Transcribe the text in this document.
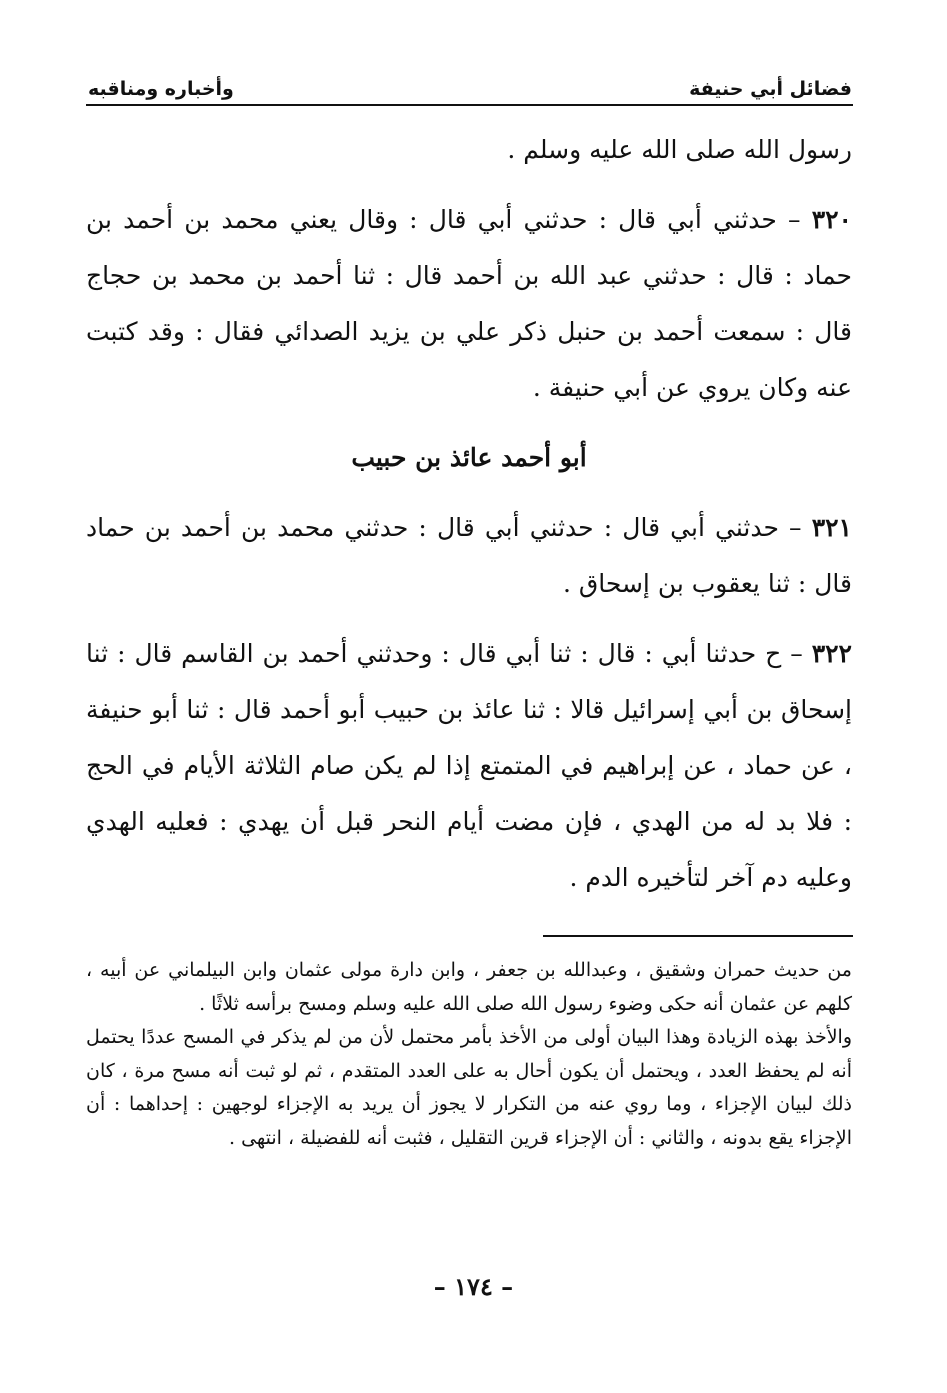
فضائل أبي حنيفة
وأخباره ومناقبه

رسول الله صلى الله عليه وسلم .

٣٢٠ – حدثني أبي قال : حدثني أبي قال : وقال يعني محمد بن أحمد بن حماد : قال : حدثني عبد الله بن أحمد قال : ثنا أحمد بن محمد بن حجاج قال : سمعت أحمد بن حنبل ذكر علي بن يزيد الصدائي فقال : وقد كتبت عنه وكان يروي عن أبي حنيفة .

أبو أحمد عائذ بن حبيب

٣٢١ – حدثني أبي قال : حدثني أبي قال : حدثني محمد بن أحمد بن حماد قال : ثنا يعقوب بن إسحاق .

٣٢٢ – ح حدثنا أبي : قال : ثنا أبي قال : وحدثني أحمد بن القاسم قال : ثنا إسحاق بن أبي إسرائيل قالا : ثنا عائذ بن حبيب أبو أحمد قال : ثنا أبو حنيفة ، عن حماد ، عن إبراهيم في المتمتع إذا لم يكن صام الثلاثة الأيام في الحج : فلا بد له من الهدي ، فإن مضت أيام النحر قبل أن يهدي : فعليه الهدي وعليه دم آخر لتأخيره الدم .

من حديث حمران وشقيق ، وعبدالله بن جعفر ، وابن دارة مولى عثمان وابن البيلماني عن أبيه ، كلهم عن عثمان أنه حكى وضوء رسول الله صلى الله عليه وسلم ومسح برأسه ثلاثًا .

والأخذ بهذه الزيادة وهذا البيان أولى من الأخذ بأمر محتمل لأن من لم يذكر في المسح عددًا يحتمل أنه لم يحفظ العدد ، ويحتمل أن يكون أحال به على العدد المتقدم ، ثم لو ثبت أنه مسح مرة ، كان ذلك لبيان الإجزاء ، وما روي عنه من التكرار لا يجوز أن يريد به الإجزاء لوجهين : إحداهما : أن الإجزاء يقع بدونه ، والثاني : أن الإجزاء قرين التقليل ، فثبت أنه للفضيلة ، انتهى .

– ١٧٤ –
